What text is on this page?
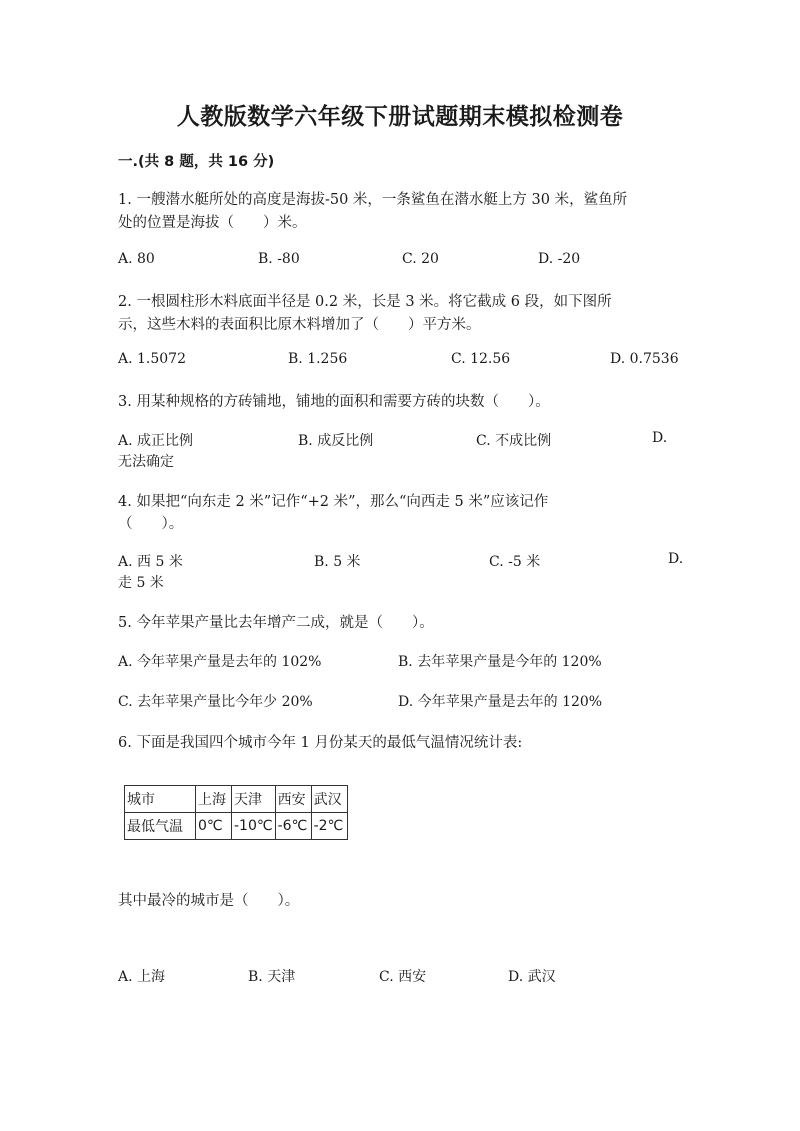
人教版数学六年级下册试题期末模拟检测卷
一.(共 8 题，共 16 分)
1. 一艘潜水艇所处的高度是海拔-50 米，一条鲨鱼在潜水艇上方 30 米，鲨鱼所
处的位置是海拔（　　）米。
A. 80	B. -80	C. 20	D. -20
2. 一根圆柱形木料底面半径是 0.2 米，长是 3 米。将它截成 6 段，如下图所
示，这些木料的表面积比原木料增加了（　　）平方米。
A. 1.5072	B. 1.256	C. 12.56	D. 0.7536
3. 用某种规格的方砖铺地，铺地的面积和需要方砖的块数（　　）。
A. 成正比例	B. 成反比例	C. 不成比例	D.
无法确定
4. 如果把“向东走 2 米”记作“+2 米”，那么“向西走 5 米”应该记作
（　　）。
A. 西 5 米	B. 5 米	C. -5 米	D.
走 5 米
5. 今年苹果产量比去年增产二成，就是（　　）。
A. 今年苹果产量是去年的 102%	B. 去年苹果产量是今年的 120%
C. 去年苹果产量比今年少 20%	D. 今年苹果产量是去年的 120%
6. 下面是我国四个城市今年 1 月份某天的最低气温情况统计表:
城市	上海	天津	西安	武汉
最低气温	0℃	-10℃	-6℃	-2℃
其中最冷的城市是（　　）。
A. 上海	B. 天津	C. 西安	D. 武汉
